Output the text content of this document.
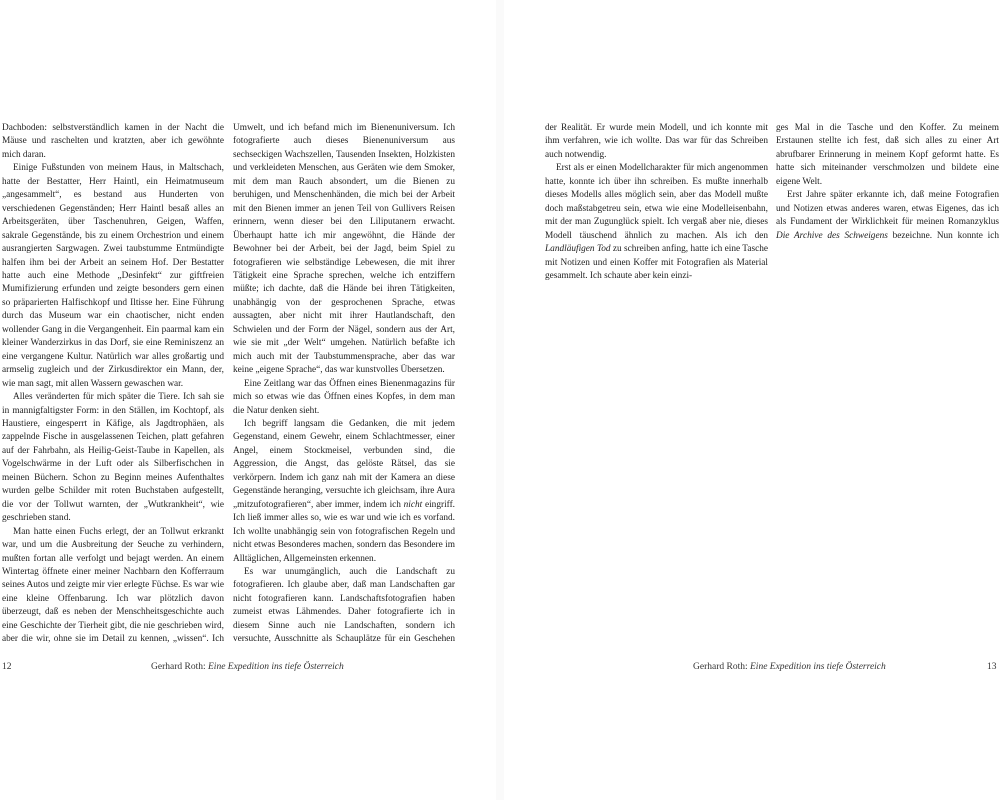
Dachboden: selbstverständlich kamen in der Nacht die Mäuse und raschelten und kratzten, aber ich gewöhnte mich daran.

Einige Fußstunden von meinem Haus, in Maltschach, hatte der Bestatter, Herr Haintl, ein Heimatmuseum „angesammelt“, es bestand aus Hunderten von verschiedenen Gegenständen; Herr Haintl besaß alles an Arbeitsgeräten, über Taschenuhren, Geigen, Waffen, sakrale Gegenstände, bis zu einem Orchestrion und einem ausrangierten Sargwagen. Zwei taubstumme Entmündigte halfen ihm bei der Arbeit an seinem Hof. Der Bestatter hatte auch eine Methode „Desinfekt“ zur giftfreien Mumifizierung erfunden und zeigte besonders gern einen so präparierten Halfischkopf und Iltisse her. Eine Führung durch das Museum war ein chaotischer, nicht enden wollender Gang in die Vergangenheit. Ein paarmal kam ein kleiner Wanderzirkus in das Dorf, sie eine Reminiszenz an eine vergangene Kultur. Natürlich war alles großartig und armselig zugleich und der Zirkusdirektor ein Mann, der, wie man sagt, mit allen Wassern gewaschen war.

Alles veränderten für mich später die Tiere. Ich sah sie in mannigfaltigster Form: in den Ställen, im Kochtopf, als Haustiere, eingesperrt in Käfige, als Jagdtrophäen, als zappelnde Fische in ausgelassenen Teichen, platt gefahren auf der Fahrbahn, als Heilig-Geist-Taube in Kapellen, als Vogelschwärme in der Luft oder als Silberfischchen in meinen Büchern. Schon zu Beginn meines Aufenthaltes wurden gelbe Schilder mit roten Buchstaben aufgestellt, die vor der Tollwut warnten, der „Wutkrankheit“, wie geschrieben stand.

Man hatte einen Fuchs erlegt, der an Tollwut erkrankt war, und um die Ausbreitung der Seuche zu verhindern, mußten fortan alle verfolgt und bejagt werden. An einem Wintertag öffnete einer meiner Nachbarn den Kofferraum seines Autos und zeigte mir vier erlegte Füchse. Es war wie eine kleine Offenbarung. Ich war plötzlich davon überzeugt, daß es neben der Menschheitsgeschichte auch eine Geschichte der Tierheit gibt, die nie geschrieben wird, aber die wir, ohne sie im Detail zu kennen, „wissen“. Ich

Umwelt, und ich befand mich im Bienenuniversum. Ich fotografierte auch dieses Bienenuniversum aus sechseckigen Wachszellen, Tausenden Insekten, Holzkisten und verkleideten Menschen, aus Geräten wie dem Smoker, mit dem man Rauch absondert, um die Bienen zu beruhigen, und Menschenhänden, die mich bei der Arbeit mit den Bienen immer an jenen Teil von Gullivers Reisen erinnern, wenn dieser bei den Liliputanern erwacht. Überhaupt hatte ich mir angewöhnt, die Hände der Bewohner bei der Arbeit, bei der Jagd, beim Spiel zu fotografieren wie selbständige Lebewesen, die mit ihrer Tätigkeit eine Sprache sprechen, welche ich entziffern müßte; ich dachte, daß die Hände bei ihren Tätigkeiten, unabhängig von der gesprochenen Sprache, etwas aussagten, aber nicht mit ihrer Hautlandschaft, den Schwielen und der Form der Nägel, sondern aus der Art, wie sie mit „der Welt“ umgehen. Natürlich befaßte ich mich auch mit der Taubstummensprache, aber das war keine „eigene Sprache“, das war kunstvolles Übersetzen.

Eine Zeitlang war das Öffnen eines Bienenmagazins für mich so etwas wie das Öffnen eines Kopfes, in dem man die Natur denken sieht.

Ich begriff langsam die Gedanken, die mit jedem Gegenstand, einem Gewehr, einem Schlachtmesser, einer Angel, einem Stockmeisel, verbunden sind, die Aggression, die Angst, das gelöste Rätsel, das sie verkörpern. Indem ich ganz nah mit der Kamera an diese Gegenstände heranging, versuchte ich gleichsam, ihre Aura „mitzufotografieren“, aber immer, indem ich nicht eingriff. Ich ließ immer alles so, wie es war und wie ich es vorfand. Ich wollte unabhängig sein von fotografischen Regeln und nicht etwas Besonderes machen, sondern das Besondere im Alltäglichen, Allgemeinsten erkennen.

Es war unumgänglich, auch die Landschaft zu fotografieren. Ich glaube aber, daß man Landschaften gar nicht fotografieren kann. Landschaftsfotografien haben zumeist etwas Lähmendes. Daher fotografierte ich in diesem Sinne auch nie Landschaften, sondern ich versuchte, Ausschnitte als Schauplätze für ein Geschehen

der Realität. Er wurde mein Modell, und ich konnte mit ihm verfahren, wie ich wollte. Das war für das Schreiben auch notwendig.

Erst als er einen Modellcharakter für mich angenommen hatte, konnte ich über ihn schreiben. Es mußte innerhalb dieses Modells alles möglich sein, aber das Modell mußte doch maßstabgetreu sein, etwa wie eine Modelleisenbahn, mit der man Zugunglück spielt. Ich vergaß aber nie, dieses Modell täuschend ähnlich zu machen. Als ich den Landläufigen Tod zu schreiben anfing, hatte ich eine Tasche mit Notizen und einen Koffer mit Fotografien als Material gesammelt. Ich schaute aber kein einzi-

ges Mal in die Tasche und den Koffer. Zu meinem Erstaunen stellte ich fest, daß sich alles zu einer Art abrufbarer Erinnerung in meinem Kopf geformt hatte. Es hatte sich miteinander verschmolzen und bildete eine eigene Welt.

Erst Jahre später erkannte ich, daß meine Fotografien und Notizen etwas anderes waren, etwas Eigenes, das ich als Fundament der Wirklichkeit für meinen Romanzyklus Die Archive des Schweigens bezeichne. Nun konnte ich

12	Gerhard Roth: Eine Expedition ins tiefe Österreich	Gerhard Roth: Eine Expedition ins tiefe Österreich	13
